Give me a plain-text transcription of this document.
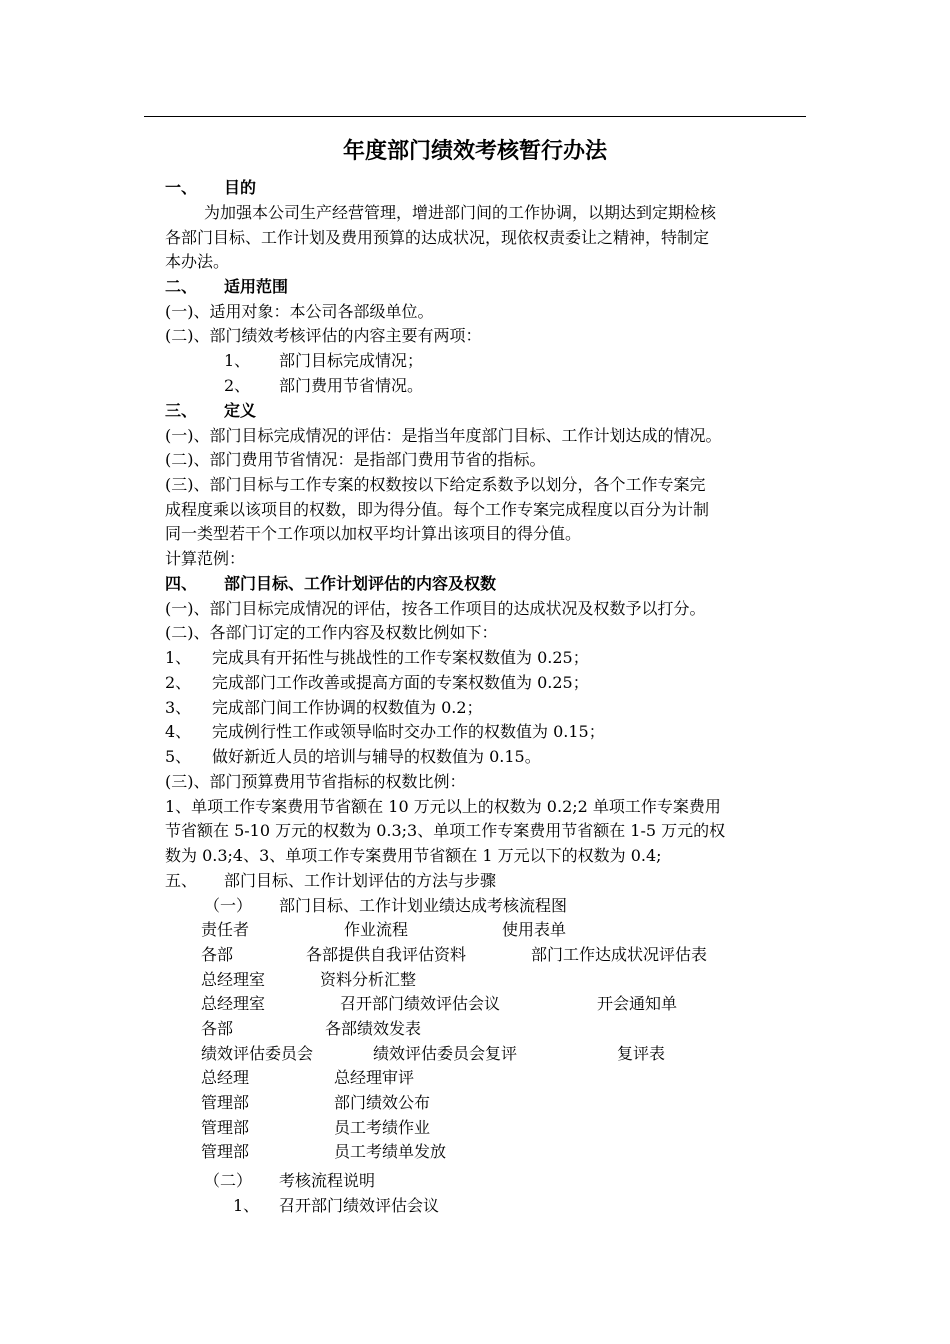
年度部门绩效考核暂行办法
一、 目的
为加强本公司生产经营管理，增进部门间的工作协调，以期达到定期检核
各部门目标、工作计划及费用预算的达成状况，现依权责委让之精神，特制定
本办法。
二、 适用范围
(一)、适用对象：本公司各部级单位。
(二)、部门绩效考核评估的内容主要有两项：
1、 部门目标完成情况；
2、 部门费用节省情况。
三、 定义
(一)、部门目标完成情况的评估：是指当年度部门目标、工作计划达成的情况。
(二)、部门费用节省情况：是指部门费用节省的指标。
(三)、部门目标与工作专案的权数按以下给定系数予以划分，各个工作专案完
成程度乘以该项目的权数，即为得分值。每个工作专案完成程度以百分为计制
同一类型若干个工作项以加权平均计算出该项目的得分值。
计算范例：
四、 部门目标、工作计划评估的内容及权数
(一)、部门目标完成情况的评估，按各工作项目的达成状况及权数予以打分。
(二)、各部门订定的工作内容及权数比例如下：
1、 完成具有开拓性与挑战性的工作专案权数值为 0.25；
2、 完成部门工作改善或提高方面的专案权数值为 0.25；
3、 完成部门间工作协调的权数值为 0.2；
4、 完成例行性工作或领导临时交办工作的权数值为 0.15；
5、 做好新近人员的培训与辅导的权数值为 0.15。
(三)、部门预算费用节省指标的权数比例：
1、单项工作专案费用节省额在 10 万元以上的权数为 0.2;2 单项工作专案费用
节省额在 5-10 万元的权数为 0.3;3、单项工作专案费用节省额在 1-5 万元的权
数为 0.3;4、3、单项工作专案费用节省额在 1 万元以下的权数为 0.4;
五、 部门目标、工作计划评估的方法与步骤
（一） 部门目标、工作计划业绩达成考核流程图
责任者	作业流程	使用表单
各部	各部提供自我评估资料	部门工作达成状况评估表
总经理室	资料分析汇整
总经理室	召开部门绩效评估会议	开会通知单
各部	各部绩效发表
绩效评估委员会	绩效评估委员会复评	复评表
总经理	总经理审评
管理部	部门绩效公布
管理部	员工考绩作业
管理部	员工考绩单发放
（二） 考核流程说明
1、 召开部门绩效评估会议
